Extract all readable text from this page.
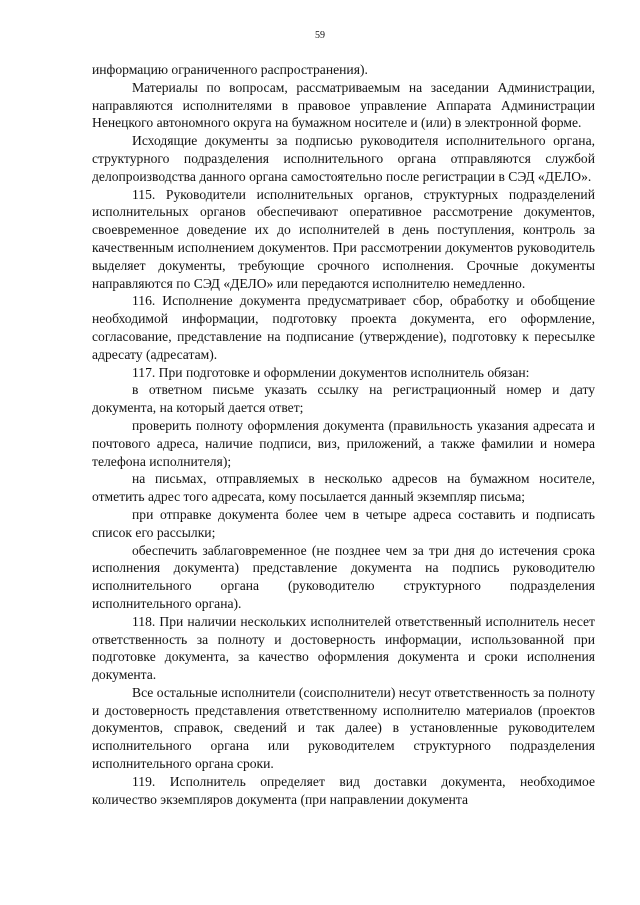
59

информацию ограниченного распространения).

Материалы по вопросам, рассматриваемым на заседании Администрации, направляются исполнителями в правовое управление Аппарата Администрации Ненецкого автономного округа на бумажном носителе и (или) в электронной форме.

Исходящие документы за подписью руководителя исполнительного органа, структурного подразделения исполнительного органа отправляются службой делопроизводства данного органа самостоятельно после регистрации в СЭД «ДЕЛО».

115. Руководители исполнительных органов, структурных подразделений исполнительных органов обеспечивают оперативное рассмотрение документов, своевременное доведение их до исполнителей в день поступления, контроль за качественным исполнением документов. При рассмотрении документов руководитель выделяет документы, требующие срочного исполнения. Срочные документы направляются по СЭД «ДЕЛО» или передаются исполнителю немедленно.

116. Исполнение документа предусматривает сбор, обработку и обобщение необходимой информации, подготовку проекта документа, его оформление, согласование, представление на подписание (утверждение), подготовку к пересылке адресату (адресатам).

117. При подготовке и оформлении документов исполнитель обязан:

в ответном письме указать ссылку на регистрационный номер и дату документа, на который дается ответ;

проверить полноту оформления документа (правильность указания адресата и почтового адреса, наличие подписи, виз, приложений, а также фамилии и номера телефона исполнителя);

на письмах, отправляемых в несколько адресов на бумажном носителе, отметить адрес того адресата, кому посылается данный экземпляр письма;

при отправке документа более чем в четыре адреса составить и подписать список его рассылки;

обеспечить заблаговременное (не позднее чем за три дня до истечения срока исполнения документа) представление документа на подпись руководителю исполнительного органа (руководителю структурного подразделения исполнительного органа).

118. При наличии нескольких исполнителей ответственный исполнитель несет ответственность за полноту и достоверность информации, использованной при подготовке документа, за качество оформления документа и сроки исполнения документа.

Все остальные исполнители (соисполнители) несут ответственность за полноту и достоверность представления ответственному исполнителю материалов (проектов документов, справок, сведений и так далее) в установленные руководителем исполнительного органа или руководителем структурного подразделения исполнительного органа сроки.

119. Исполнитель определяет вид доставки документа, необходимое количество экземпляров документа (при направлении документа
